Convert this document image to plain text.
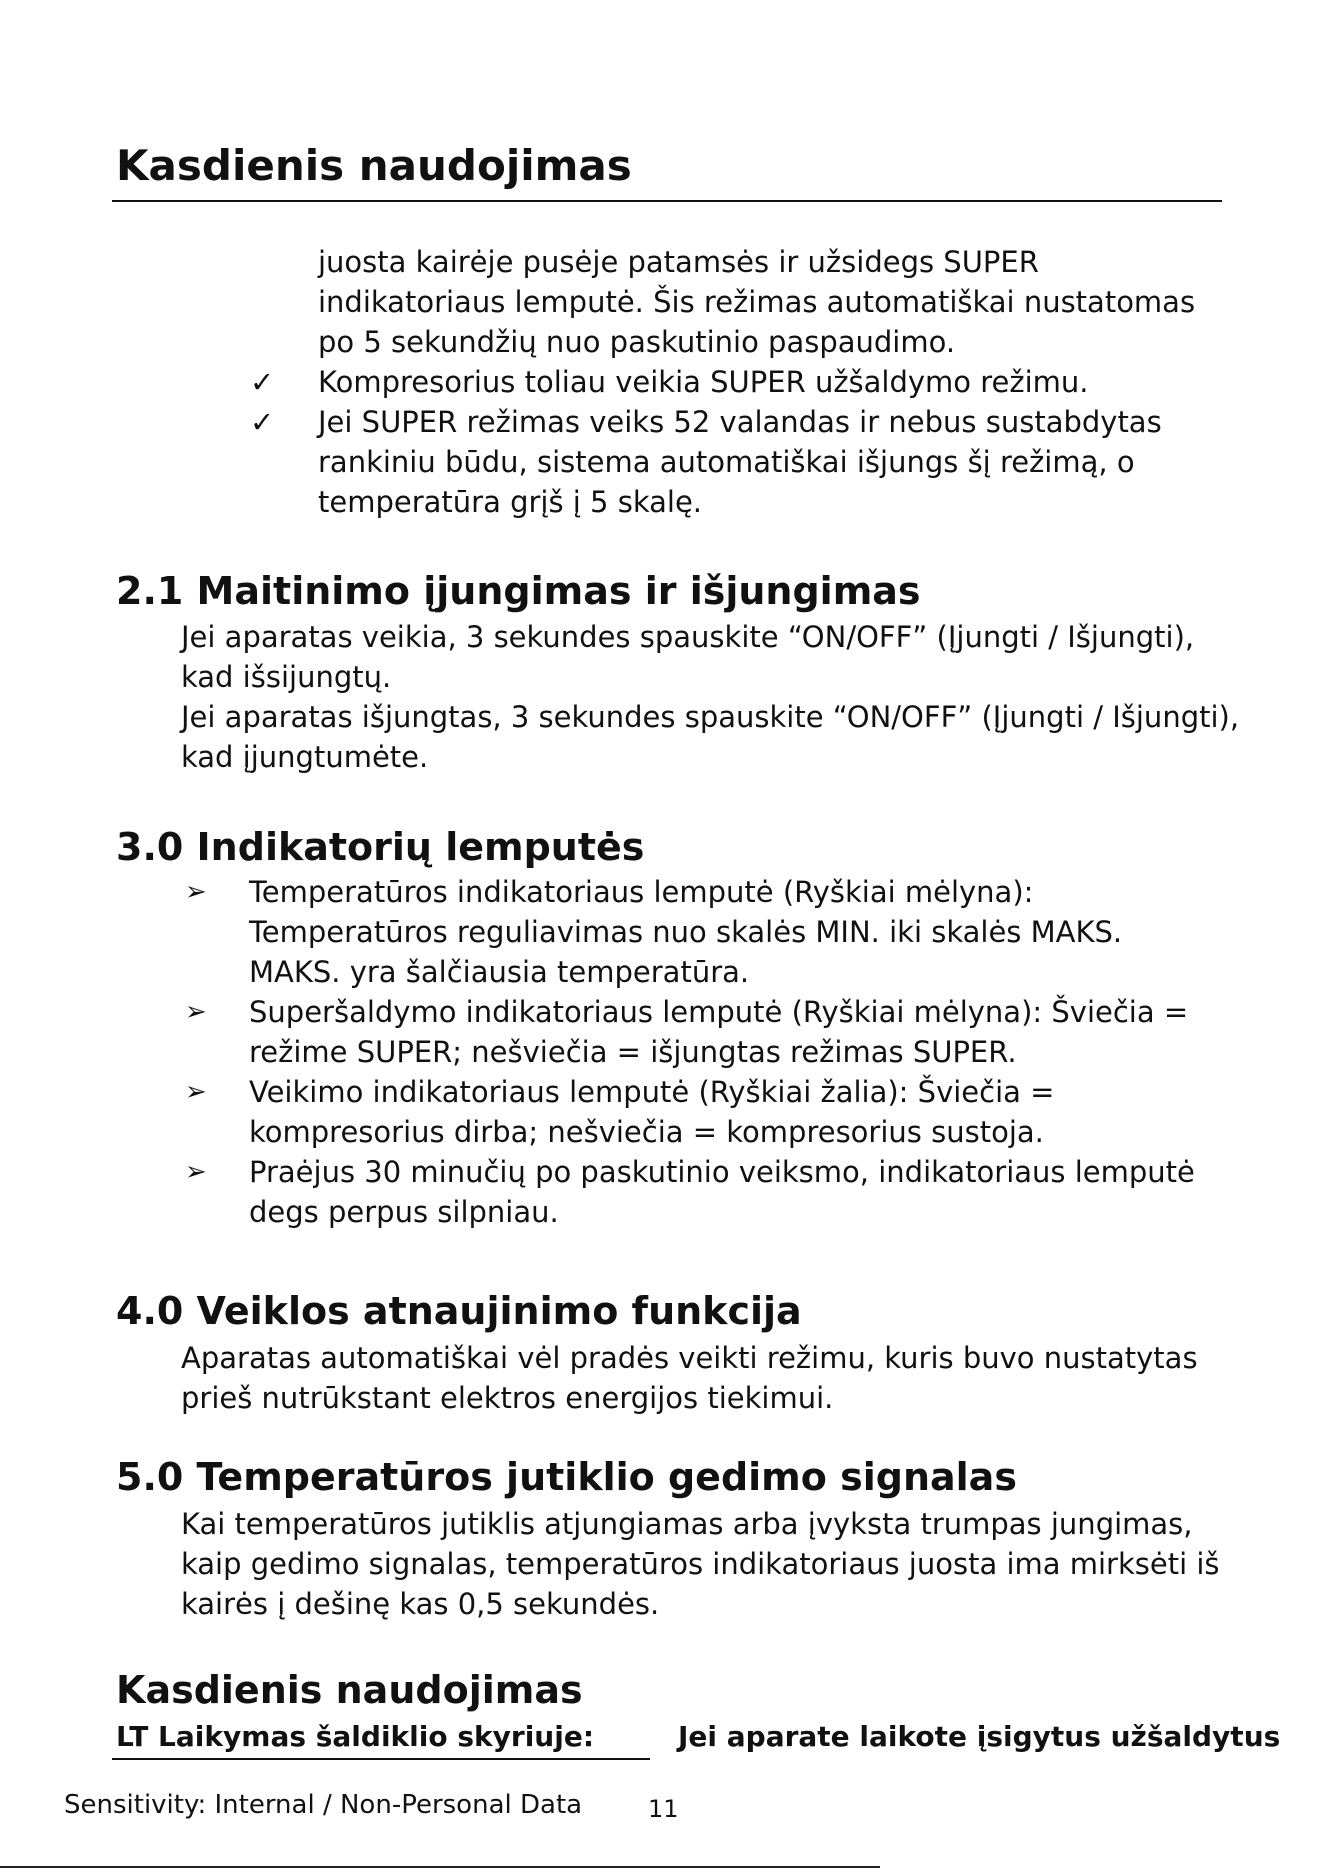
Kasdienis naudojimas

juosta kairėje pusėje patamsės ir užsidegs SUPER indikatoriaus lemputė. Šis režimas automatiškai nustatomas po 5 sekundžių nuo paskutinio paspaudimo.

✓ Kompresorius toliau veikia SUPER užšaldymo režimu.
✓ Jei SUPER režimas veiks 52 valandas ir nebus sustabdytas rankiniu būdu, sistema automatiškai išjungs šį režimą, o temperatūra grįš į 5 skalę.
2.1 Maitinimo įjungimas ir išjungimas

Jei aparatas veikia, 3 sekundes spauskite “ON/OFF” (Įjungti / Išjungti), kad išsijungtų.

Jei aparatas išjungtas, 3 sekundes spauskite “ON/OFF” (Įjungti / Išjungti), kad įjungtumėte.

3.0 Indikatorių lemputės
➢ Temperatūros indikatoriaus lemputė (Ryškiai mėlyna): Temperatūros reguliavimas nuo skalės MIN. iki skalės MAKS. MAKS. yra šalčiausia temperatūra.
➢ Superšaldymo indikatoriaus lemputė (Ryškiai mėlyna): Šviečia = režime SUPER; nešviečia = išjungtas režimas SUPER.
➢ Veikimo indikatoriaus lemputė (Ryškiai žalia): Šviečia = kompresorius dirba; nešviečia = kompresorius sustoja.
➢ Praėjus 30 minučių po paskutinio veiksmo, indikatoriaus lemputė degs perpus silpniau.
4.0 Veiklos atnaujinimo funkcija

Aparatas automatiškai vėl pradės veikti režimu, kuris buvo nustatytas prieš nutrūkstant elektros energijos tiekimui.

5.0 Temperatūros jutiklio gedimo signalas

Kai temperatūros jutiklis atjungiamas arba įvyksta trumpas jungimas, kaip gedimo signalas, temperatūros indikatoriaus juosta ima mirksėti iš kairės į dešinę kas 0,5 sekundės.

Kasdienis naudojimas
LT Laikymas šaldiklio skyriuje:	Jei aparate laikote įsigytus užšaldytus
Sensitivity: Internal / Non-Personal Data	11
